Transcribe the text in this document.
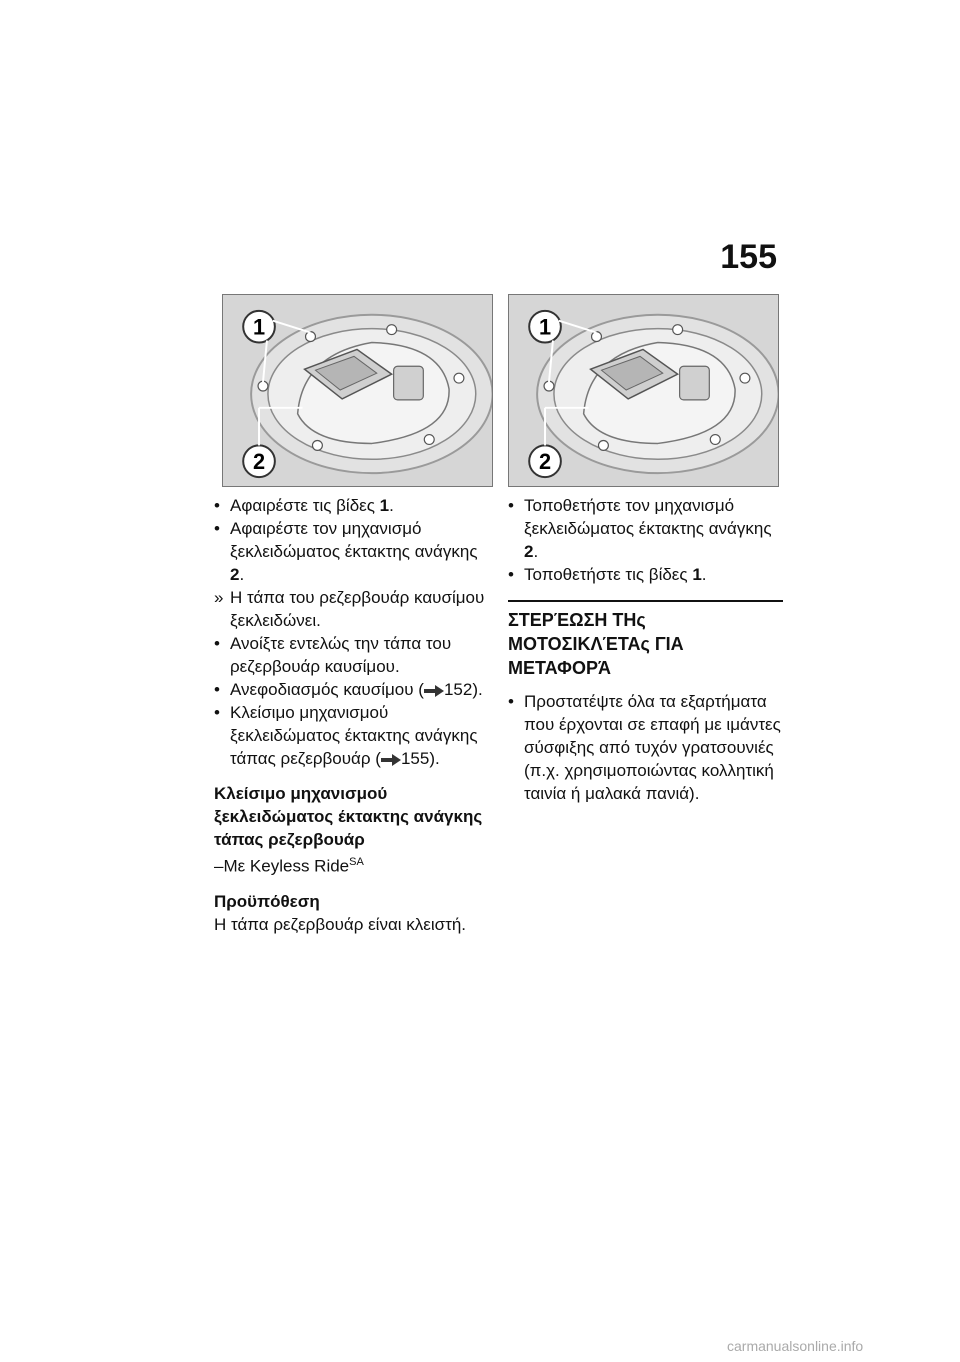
155
1
2
1
2
• Αφαιρέστε τις βίδες 1.
• Αφαιρέστε τον μηχανισμό ξεκλειδώματος έκτακτης ανάγκης 2.
» Η τάπα του ρεζερβουάρ καυσίμου ξεκλειδώνει.
• Ανοίξτε εντελώς την τάπα του ρεζερβουάρ καυσίμου.
• Ανεφοδιασμός καυσίμου ( 152).
• Κλείσιμο μηχανισμού ξεκλειδώματος έκτακτης ανάγκης τάπας ρεζερβουάρ ( 155).
Κλείσιμο μηχανισμού ξεκλειδώματος έκτακτης ανάγκης τάπας ρεζερβουάρ
–Με Keyless Ride$^{SA}$
Προϋπόθεση
Η τάπα ρεζερβουάρ είναι κλειστή.
• Τοποθετήστε τον μηχανισμό ξεκλειδώματος έκτακτης ανάγκης 2.
• Τοποθετήστε τις βίδες 1.
ΣΤΕΡΈΩΣΗ ΤΗς ΜΟΤΟΣΙΚΛΈΤΑς ΓΙΑ ΜΕΤΑΦΟΡΆ
• Προστατέψτε όλα τα εξαρτήματα που έρχονται σε επαφή με ιμάντες σύσφιξης από τυχόν γρατσουνιές (π.χ. χρησιμοποιώντας κολλητική ταινία ή μαλακά πανιά).
carmanualsonline.info
